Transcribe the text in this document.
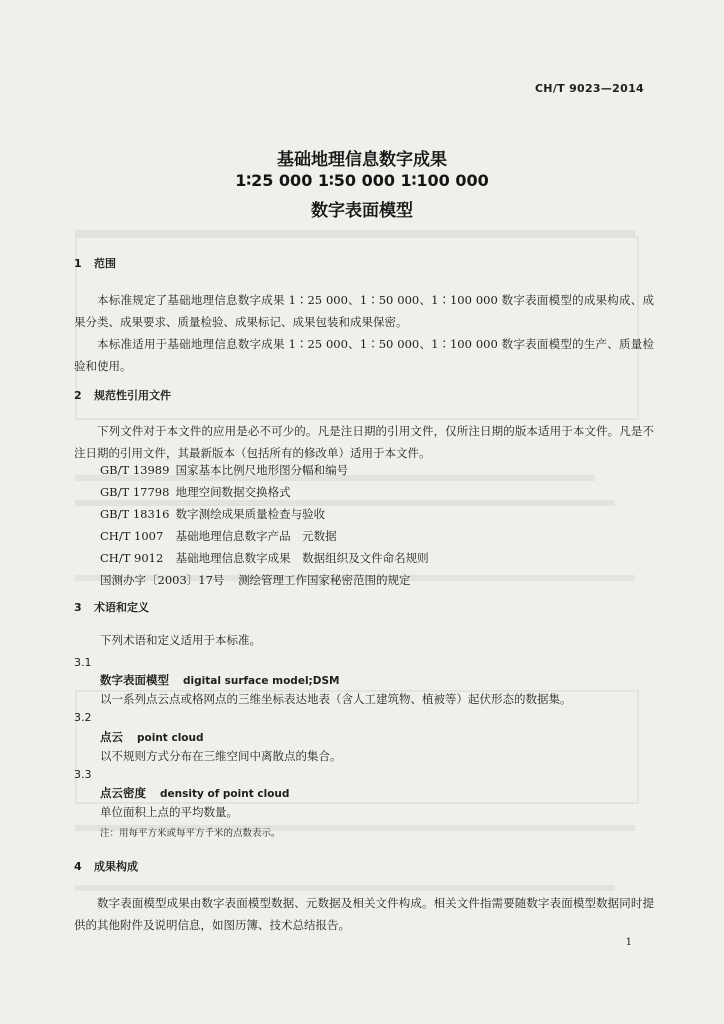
CH/T 9023—2014
基础地理信息数字成果
1∶25 000 1∶50 000 1∶100 000
数字表面模型
1 范围

本标准规定了基础地理信息数字成果 1∶25 000、1∶50 000、1∶100 000 数字表面模型的成果构成、成果分类、成果要求、质量检验、成果标记、成果包装和成果保密。

本标准适用于基础地理信息数字成果 1∶25 000、1∶50 000、1∶100 000 数字表面模型的生产、质量检验和使用。

2 规范性引用文件

下列文件对于本文件的应用是必不可少的。凡是注日期的引用文件，仅所注日期的版本适用于本文件。凡是不注日期的引用文件，其最新版本（包括所有的修改单）适用于本文件。

GB/T 13989 国家基本比例尺地形图分幅和编号
GB/T 17798 地理空间数据交换格式
GB/T 18316 数字测绘成果质量检查与验收
CH/T 1007 基础地理信息数字产品　元数据
CH/T 9012 基础地理信息数字成果　数据组织及文件命名规则
国测办字〔2003〕17号 测绘管理工作国家秘密范围的规定
3 术语和定义
下列术语和定义适用于本标准。
3.1
数字表面模型 digital surface model;DSM
以一系列点云点或格网点的三维坐标表达地表（含人工建筑物、植被等）起伏形态的数据集。
3.2
点云 point cloud
以不规则方式分布在三维空间中离散点的集合。
3.3
点云密度 density of point cloud
单位面积上点的平均数量。
注：用每平方米或每平方千米的点数表示。
4 成果构成

数字表面模型成果由数字表面模型数据、元数据及相关文件构成。相关文件指需要随数字表面模型数据同时提供的其他附件及说明信息，如图历簿、技术总结报告。

1
